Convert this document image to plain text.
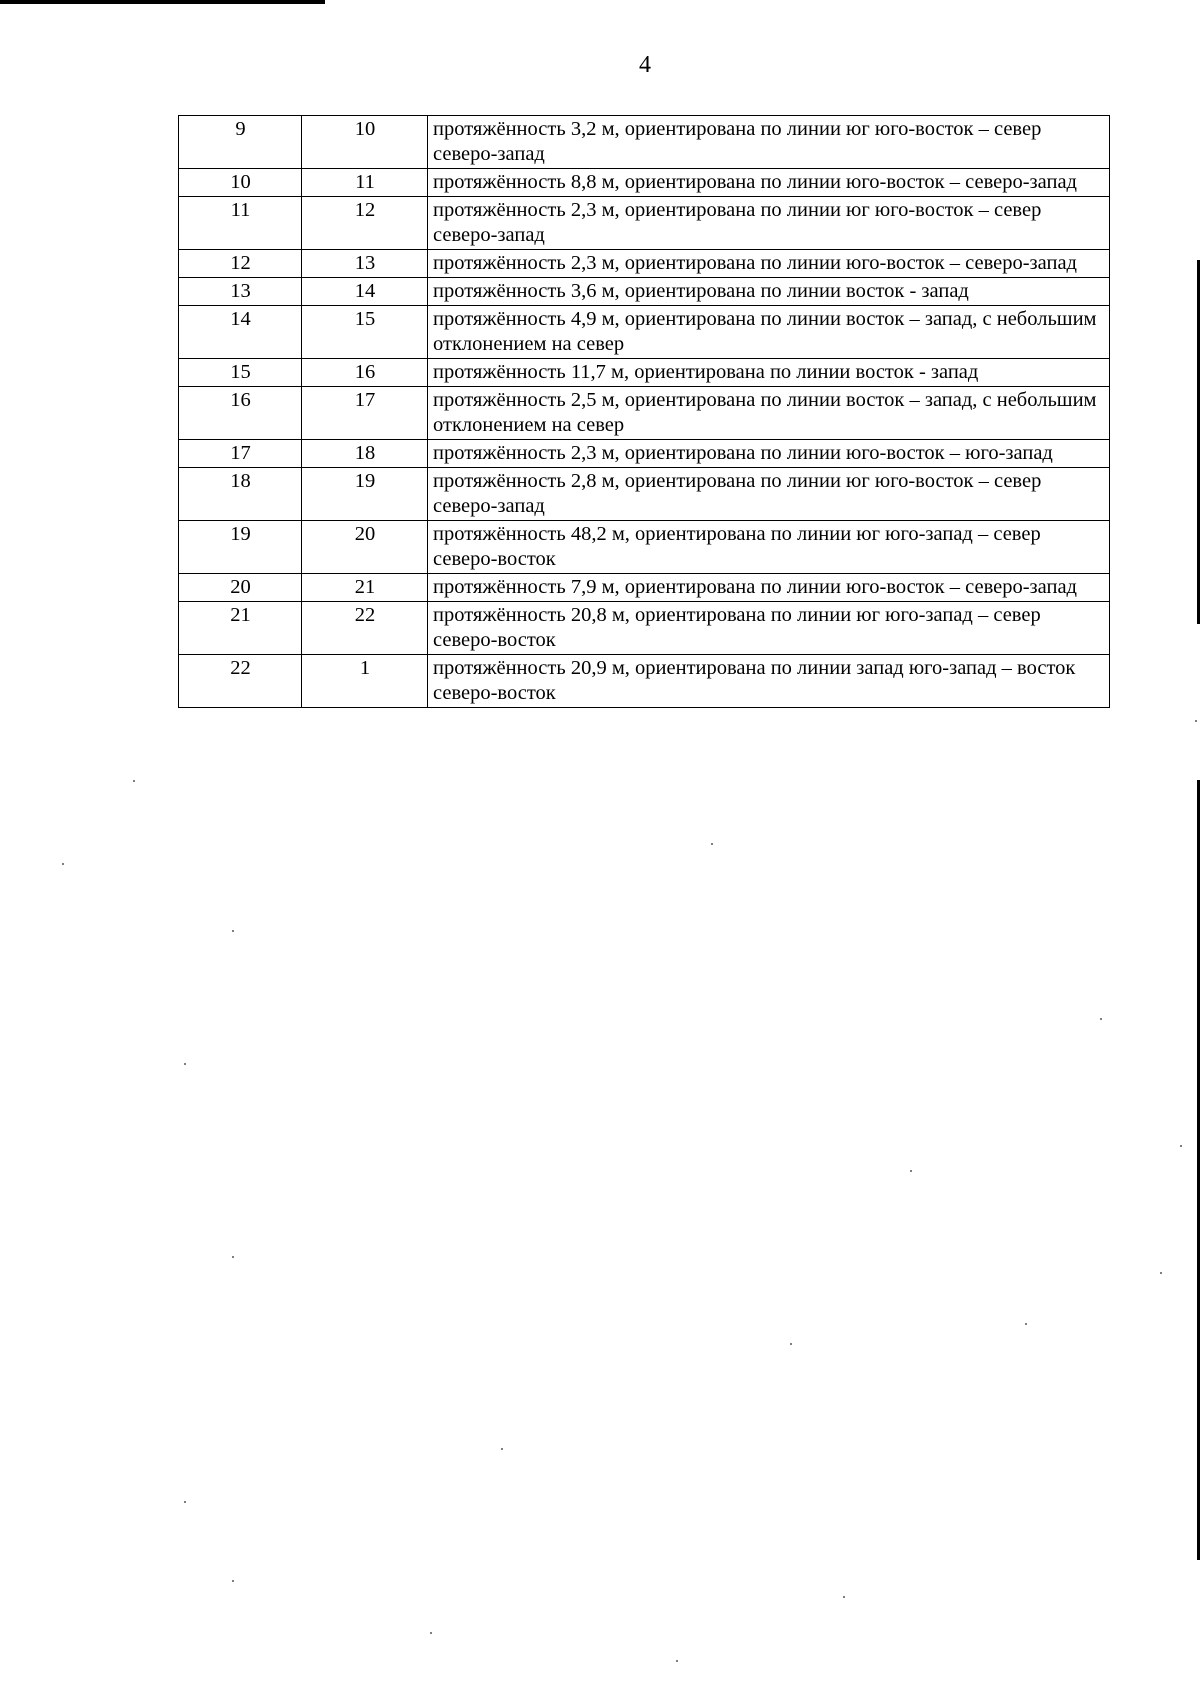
4
9	10	протяжённость 3,2 м, ориентирована по линии юг юго-восток – север северо-запад
10	11	протяжённость 8,8 м, ориентирована по линии юго-восток – северо-запад
11	12	протяжённость 2,3 м, ориентирована по линии юг юго-восток – север северо-запад
12	13	протяжённость 2,3 м, ориентирована по линии юго-восток – северо-запад
13	14	протяжённость 3,6 м, ориентирована по линии восток - запад
14	15	протяжённость 4,9 м, ориентирована по линии восток – запад, с небольшим отклонением на север
15	16	протяжённость 11,7 м, ориентирована по линии восток - запад
16	17	протяжённость 2,5 м, ориентирована по линии восток – запад, с небольшим отклонением на север
17	18	протяжённость 2,3 м, ориентирована по линии юго-восток – юго-запад
18	19	протяжённость 2,8 м, ориентирована по линии юг юго-восток – север северо-запад
19	20	протяжённость 48,2 м, ориентирована по линии юг юго-запад – север северо-восток
20	21	протяжённость 7,9 м, ориентирована по линии юго-восток – северо-запад
21	22	протяжённость 20,8 м, ориентирована по линии юг юго-запад – север северо-восток
22	1	протяжённость 20,9 м, ориентирована по линии запад юго-запад – восток северо-восток
